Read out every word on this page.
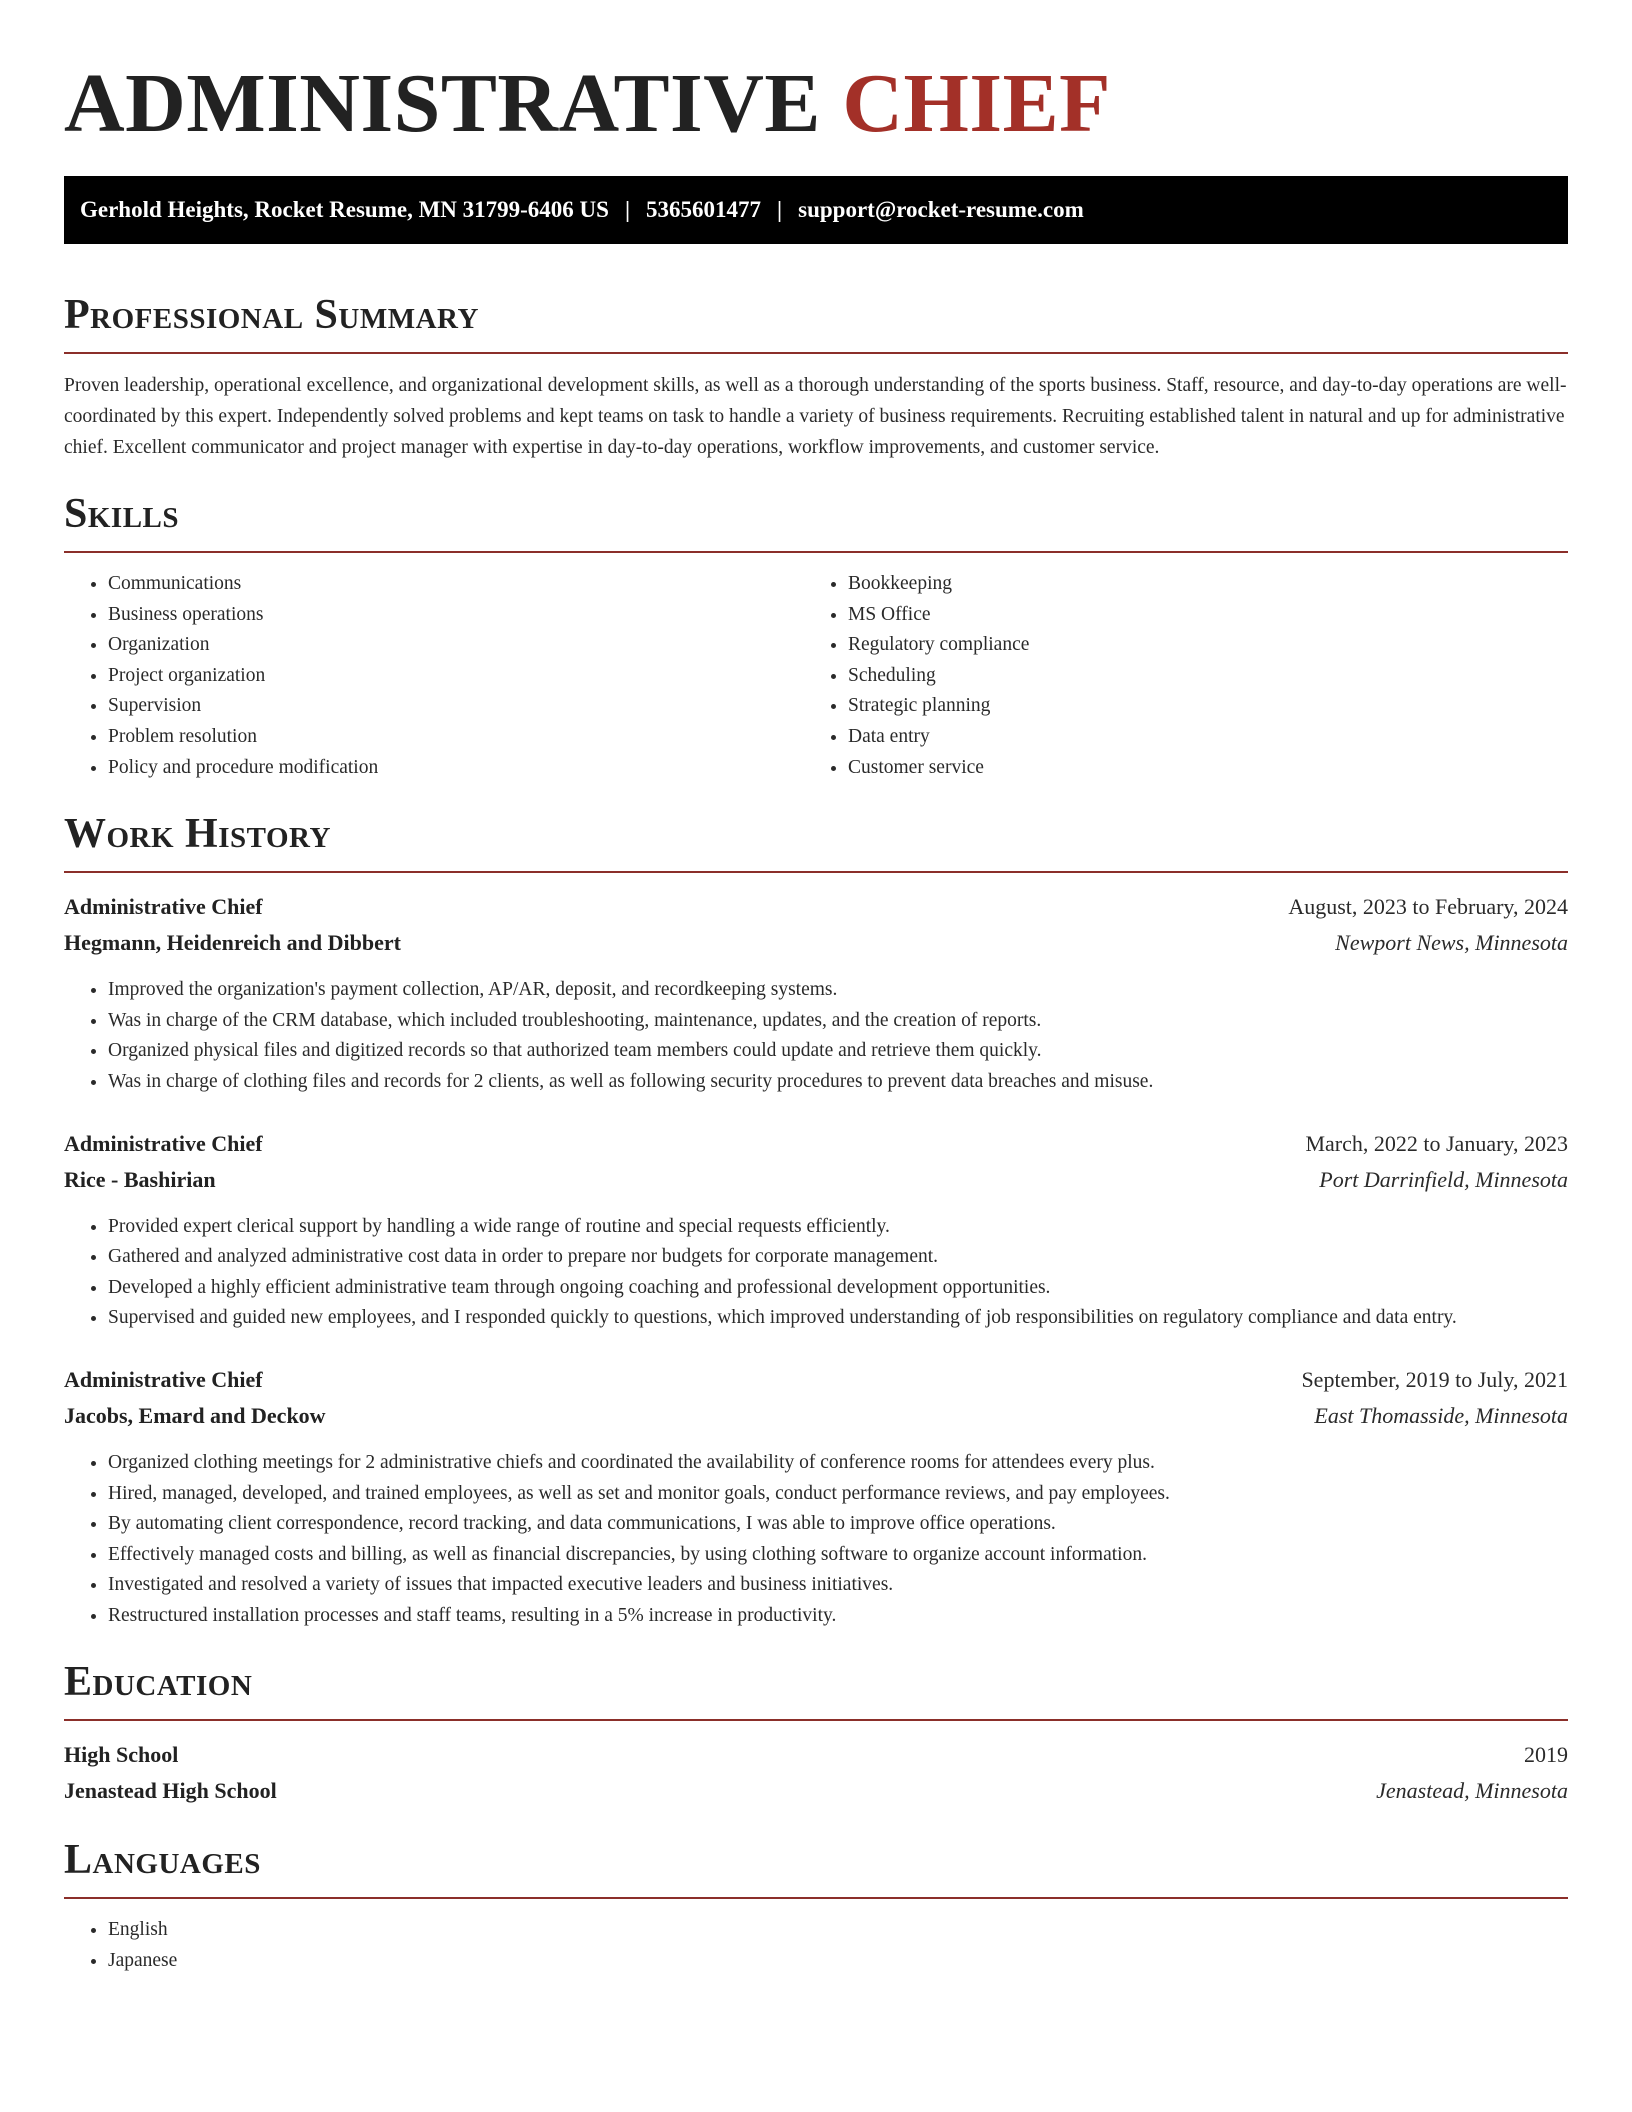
ADMINISTRATIVE CHIEF
Gerhold Heights, Rocket Resume, MN 31799-6406 US | 5365601477 | support@rocket-resume.com
Professional Summary

Proven leadership, operational excellence, and organizational development skills, as well as a thorough understanding of the sports business. Staff, resource, and day-to-day operations are well-coordinated by this expert. Independently solved problems and kept teams on task to handle a variety of business requirements. Recruiting established talent in natural and up for administrative chief. Excellent communicator and project manager with expertise in day-to-day operations, workflow improvements, and customer service.

Skills
• Communications
• Business operations
• Organization
• Project organization
• Supervision
• Problem resolution
• Policy and procedure modification
• Bookkeeping
• MS Office
• Regulatory compliance
• Scheduling
• Strategic planning
• Data entry
• Customer service
Work History
Administrative Chief	August, 2023 to February, 2024
Hegmann, Heidenreich and Dibbert	Newport News, Minnesota
• Improved the organization's payment collection, AP/AR, deposit, and recordkeeping systems.
• Was in charge of the CRM database, which included troubleshooting, maintenance, updates, and the creation of reports.
• Organized physical files and digitized records so that authorized team members could update and retrieve them quickly.
• Was in charge of clothing files and records for 2 clients, as well as following security procedures to prevent data breaches and misuse.
Administrative Chief	March, 2022 to January, 2023
Rice - Bashirian	Port Darrinfield, Minnesota
• Provided expert clerical support by handling a wide range of routine and special requests efficiently.
• Gathered and analyzed administrative cost data in order to prepare nor budgets for corporate management.
• Developed a highly efficient administrative team through ongoing coaching and professional development opportunities.
• Supervised and guided new employees, and I responded quickly to questions, which improved understanding of job responsibilities on regulatory compliance and data entry.
Administrative Chief	September, 2019 to July, 2021
Jacobs, Emard and Deckow	East Thomasside, Minnesota
• Organized clothing meetings for 2 administrative chiefs and coordinated the availability of conference rooms for attendees every plus.
• Hired, managed, developed, and trained employees, as well as set and monitor goals, conduct performance reviews, and pay employees.
• By automating client correspondence, record tracking, and data communications, I was able to improve office operations.
• Effectively managed costs and billing, as well as financial discrepancies, by using clothing software to organize account information.
• Investigated and resolved a variety of issues that impacted executive leaders and business initiatives.
• Restructured installation processes and staff teams, resulting in a 5% increase in productivity.
Education
High School	2019
Jenastead High School	Jenastead, Minnesota
Languages
• English
• Japanese
